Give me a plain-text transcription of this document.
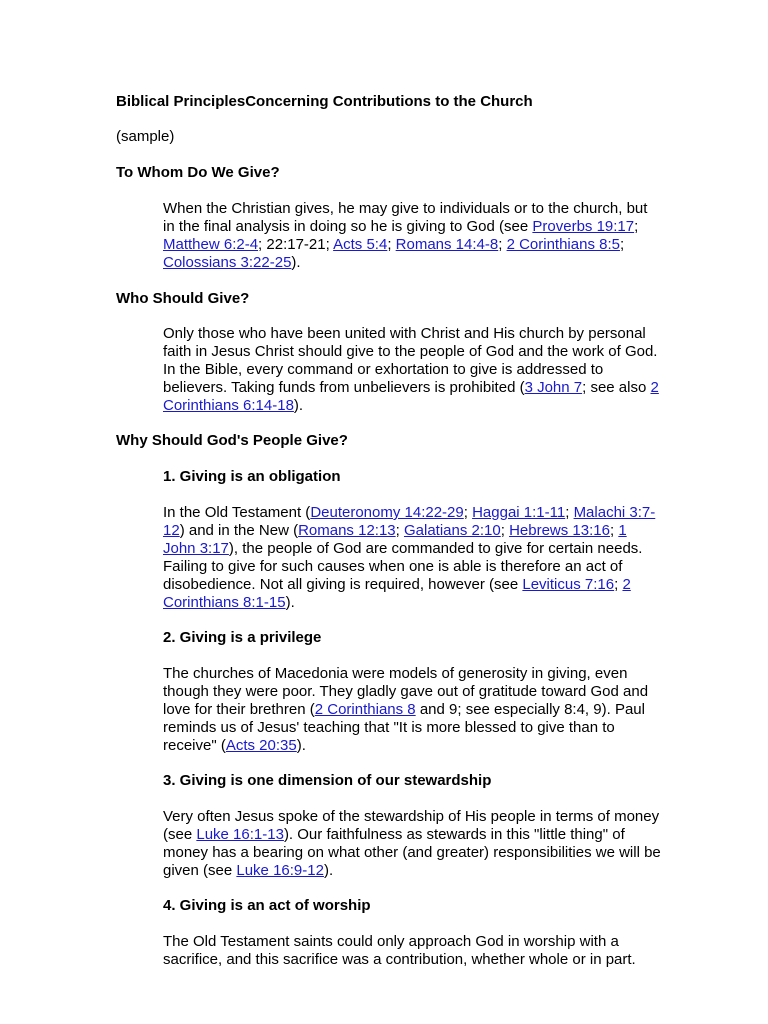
Biblical PrinciplesConcerning Contributions to the Church
(sample)
To Whom Do We Give?
When the Christian gives, he may give to individuals or to the church, but in the final analysis in doing so he is giving to God (see Proverbs 19:17; Matthew 6:2-4; 22:17-21; Acts 5:4; Romans 14:4-8; 2 Corinthians 8:5; Colossians 3:22-25).
Who Should Give?
Only those who have been united with Christ and His church by personal faith in Jesus Christ should give to the people of God and the work of God. In the Bible, every command or exhortation to give is addressed to believers. Taking funds from unbelievers is prohibited (3 John 7; see also 2 Corinthians 6:14-18).
Why Should God's People Give?
1. Giving is an obligation
In the Old Testament (Deuteronomy 14:22-29; Haggai 1:1-11; Malachi 3:7-12) and in the New (Romans 12:13; Galatians 2:10; Hebrews 13:16; 1 John 3:17), the people of God are commanded to give for certain needs. Failing to give for such causes when one is able is therefore an act of disobedience. Not all giving is required, however (see Leviticus 7:16; 2 Corinthians 8:1-15).
2. Giving is a privilege
The churches of Macedonia were models of generosity in giving, even though they were poor. They gladly gave out of gratitude toward God and love for their brethren (2 Corinthians 8 and 9; see especially 8:4, 9). Paul reminds us of Jesus' teaching that "It is more blessed to give than to receive" (Acts 20:35).
3. Giving is one dimension of our stewardship
Very often Jesus spoke of the stewardship of His people in terms of money (see Luke 16:1-13). Our faithfulness as stewards in this "little thing" of money has a bearing on what other (and greater) responsibilities we will be given (see Luke 16:9-12).
4. Giving is an act of worship
The Old Testament saints could only approach God in worship with a sacrifice, and this sacrifice was a contribution, whether whole or in part.
